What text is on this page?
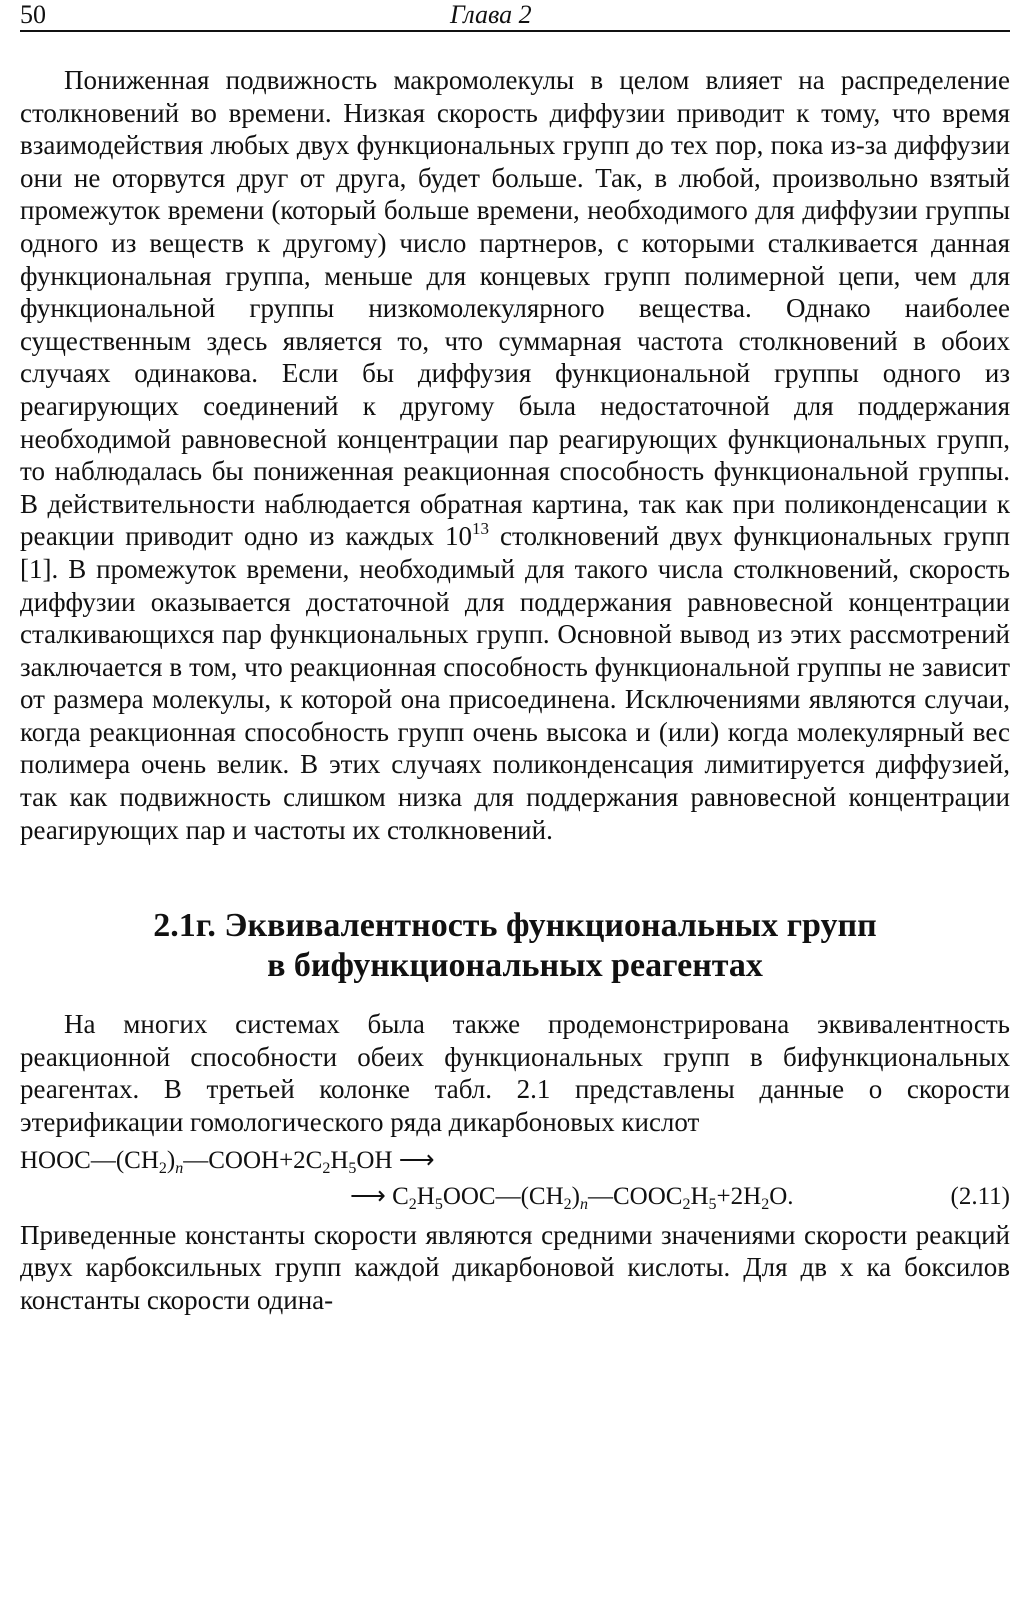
50	Глава 2

Пониженная подвижность макромолекулы в целом влияет на распределение столкновений во времени. Низкая скорость диффузии приводит к тому, что время взаимодействия любых двух функциональных групп до тех пор, пока из-за диффузии они не оторвутся друг от друга, будет больше. Так, в любой, произвольно взятый промежуток времени (который больше времени, необходимого для диффузии группы одного из веществ к другому) число партнеров, с которыми сталкивается данная функциональная группа, меньше для концевых групп полимерной цепи, чем для функциональной группы низкомолекулярного вещества. Однако наиболее существенным здесь является то, что суммарная частота столкновений в обоих случаях одинакова. Если бы диффузия функциональной группы одного из реагирующих соединений к другому была недостаточной для поддержания необходимой равновесной концентрации пар реагирующих функциональных групп, то наблюдалась бы пониженная реакционная способность функциональной группы. В действительности наблюдается обратная картина, так как при поликонденсации к реакции приводит одно из каждых $10^{13}$ столкновений двух функциональных групп [1]. В промежуток времени, необходимый для такого числа столкновений, скорость диффузии оказывается достаточной для поддержания равновесной концентрации сталкивающихся пар функциональных групп. Основной вывод из этих рассмотрений заключается в том, что реакционная способность функциональной группы не зависит от размера молекулы, к которой она присоединена. Исключениями являются случаи, когда реакционная способность групп очень высока и (или) когда молекулярный вес полимера очень велик. В этих случаях поликонденсация лимитируется диффузией, так как подвижность слишком низка для поддержания равновесной концентрации реагирующих пар и частоты их столкновений.

2.1г. Эквивалентность функциональных групп
в бифункциональных реагентах

На многих системах была также продемонстрирована эквивалентность реакционной способности обеих функциональных групп в бифункциональных реагентах. В третьей колонке табл. 2.1 представлены данные о скорости этерификации гомологического ряда дикарбоновых кислот

$HOOC—(CH_2)_n—COOH+2C_2H_5OH$ ⟶
⟶ $C_2H_5OOC—(CH_2)_n—COOC_2H_5+2H_2O$.	(2.11)

Приведенные константы скорости являются средними значениями скорости реакций двух карбоксильных групп каждой дикарбоновой кислоты. Для дв х ка боксилов константы скорости одина-
